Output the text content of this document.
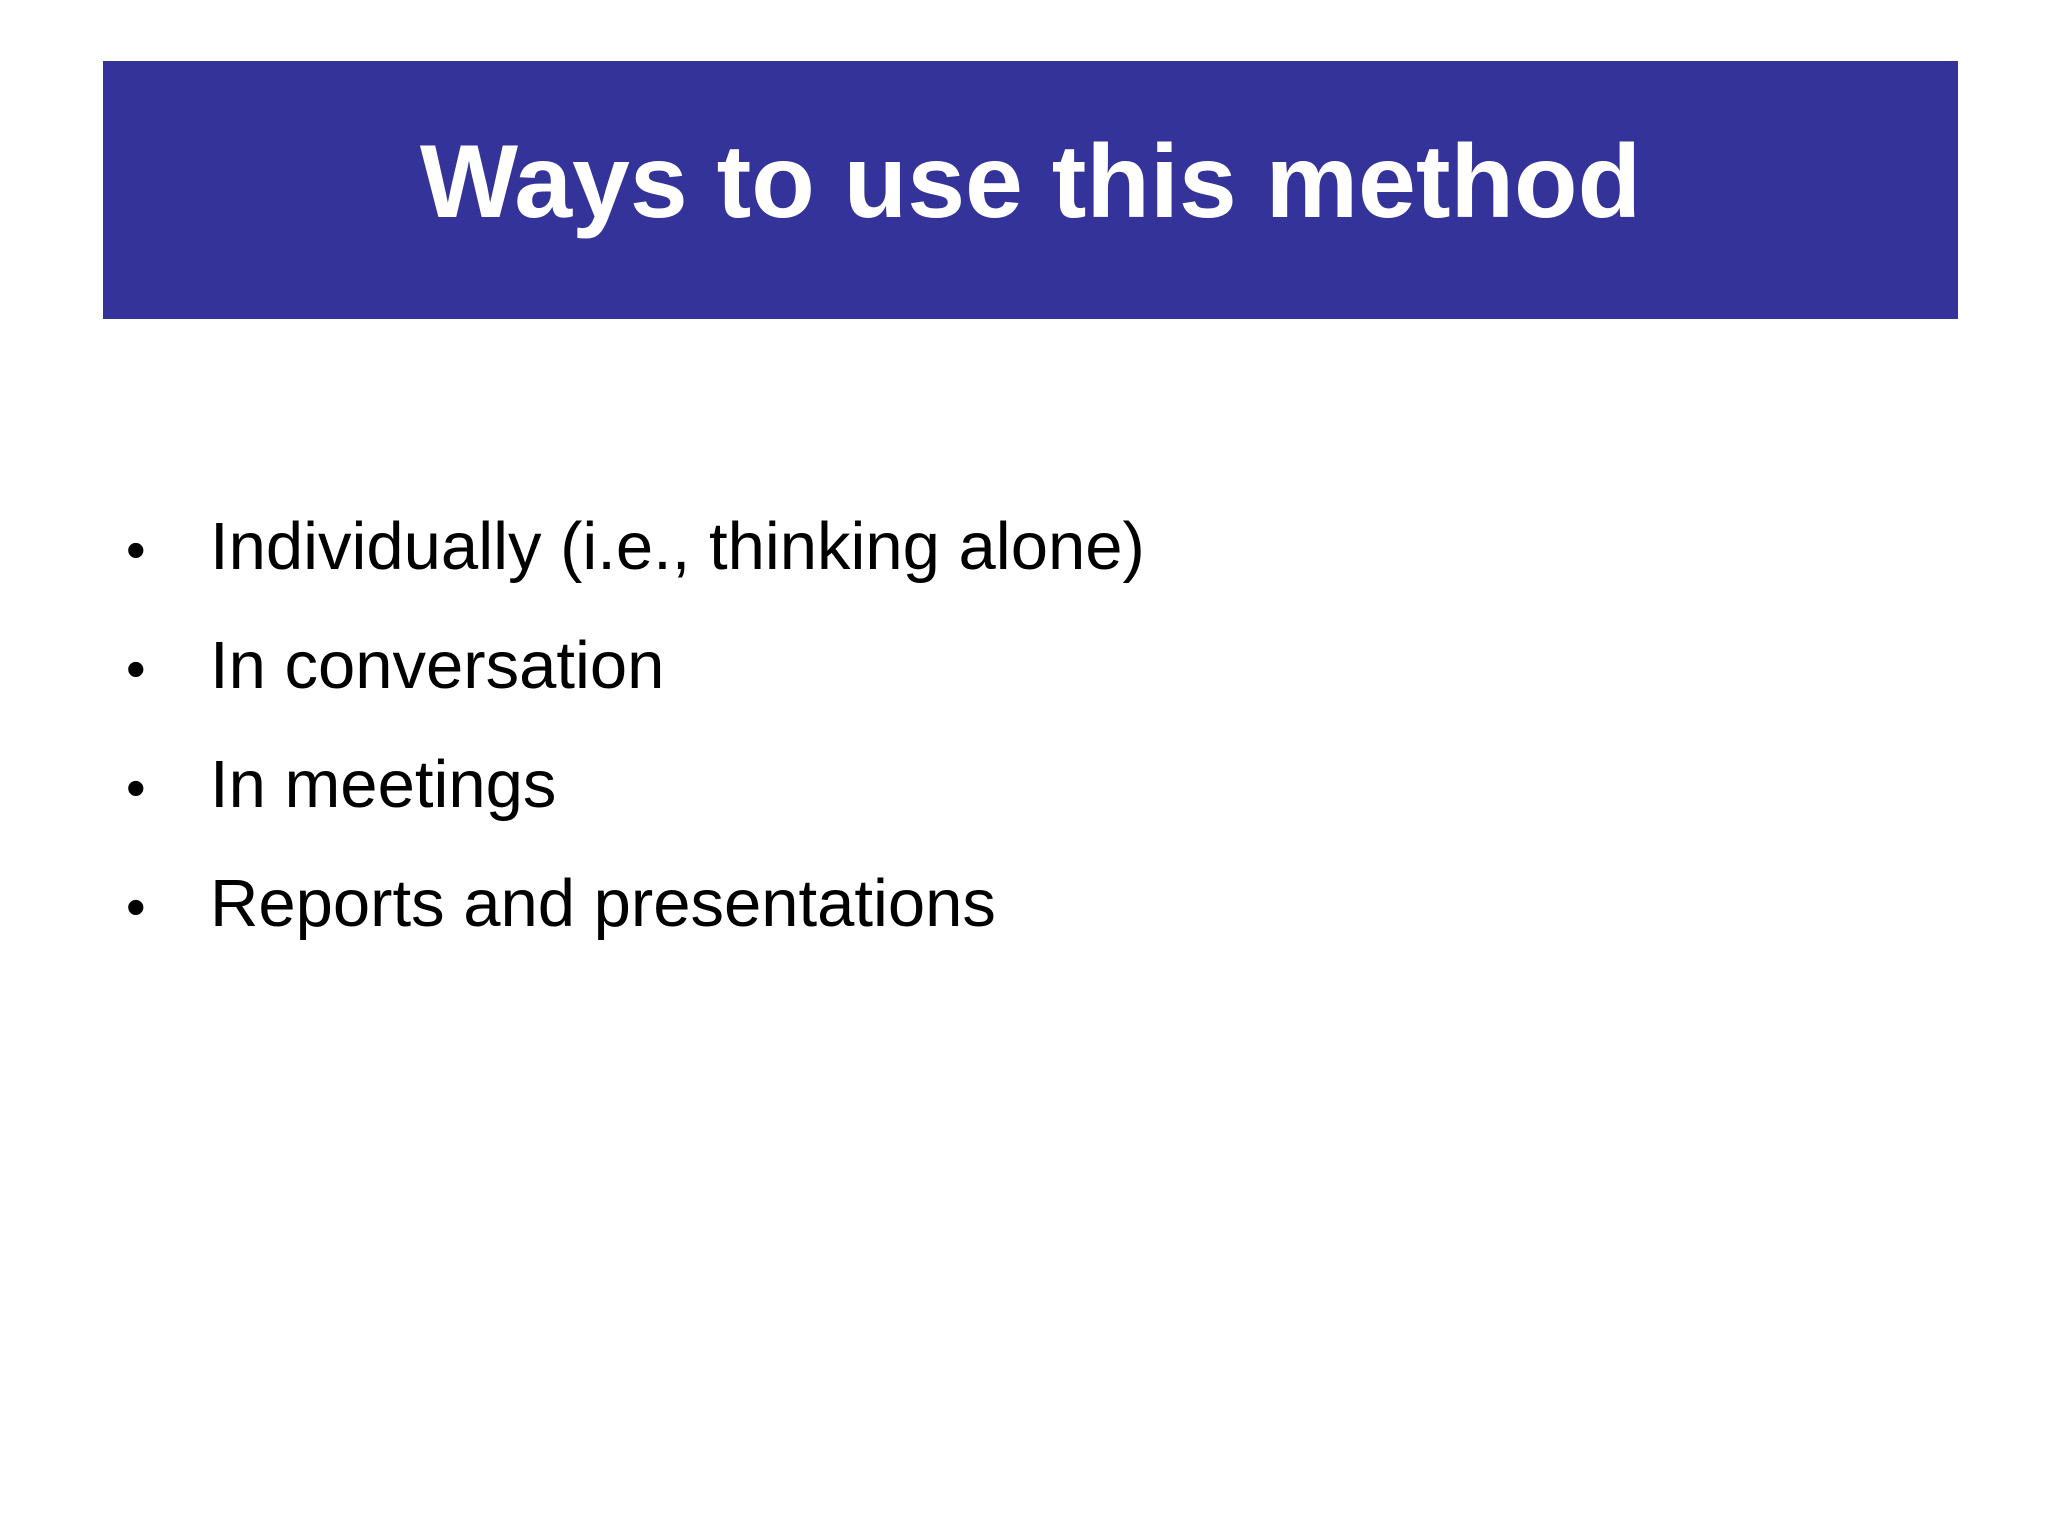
Ways to use this method
• Individually (i.e., thinking alone)
• In conversation
• In meetings
• Reports and presentations
